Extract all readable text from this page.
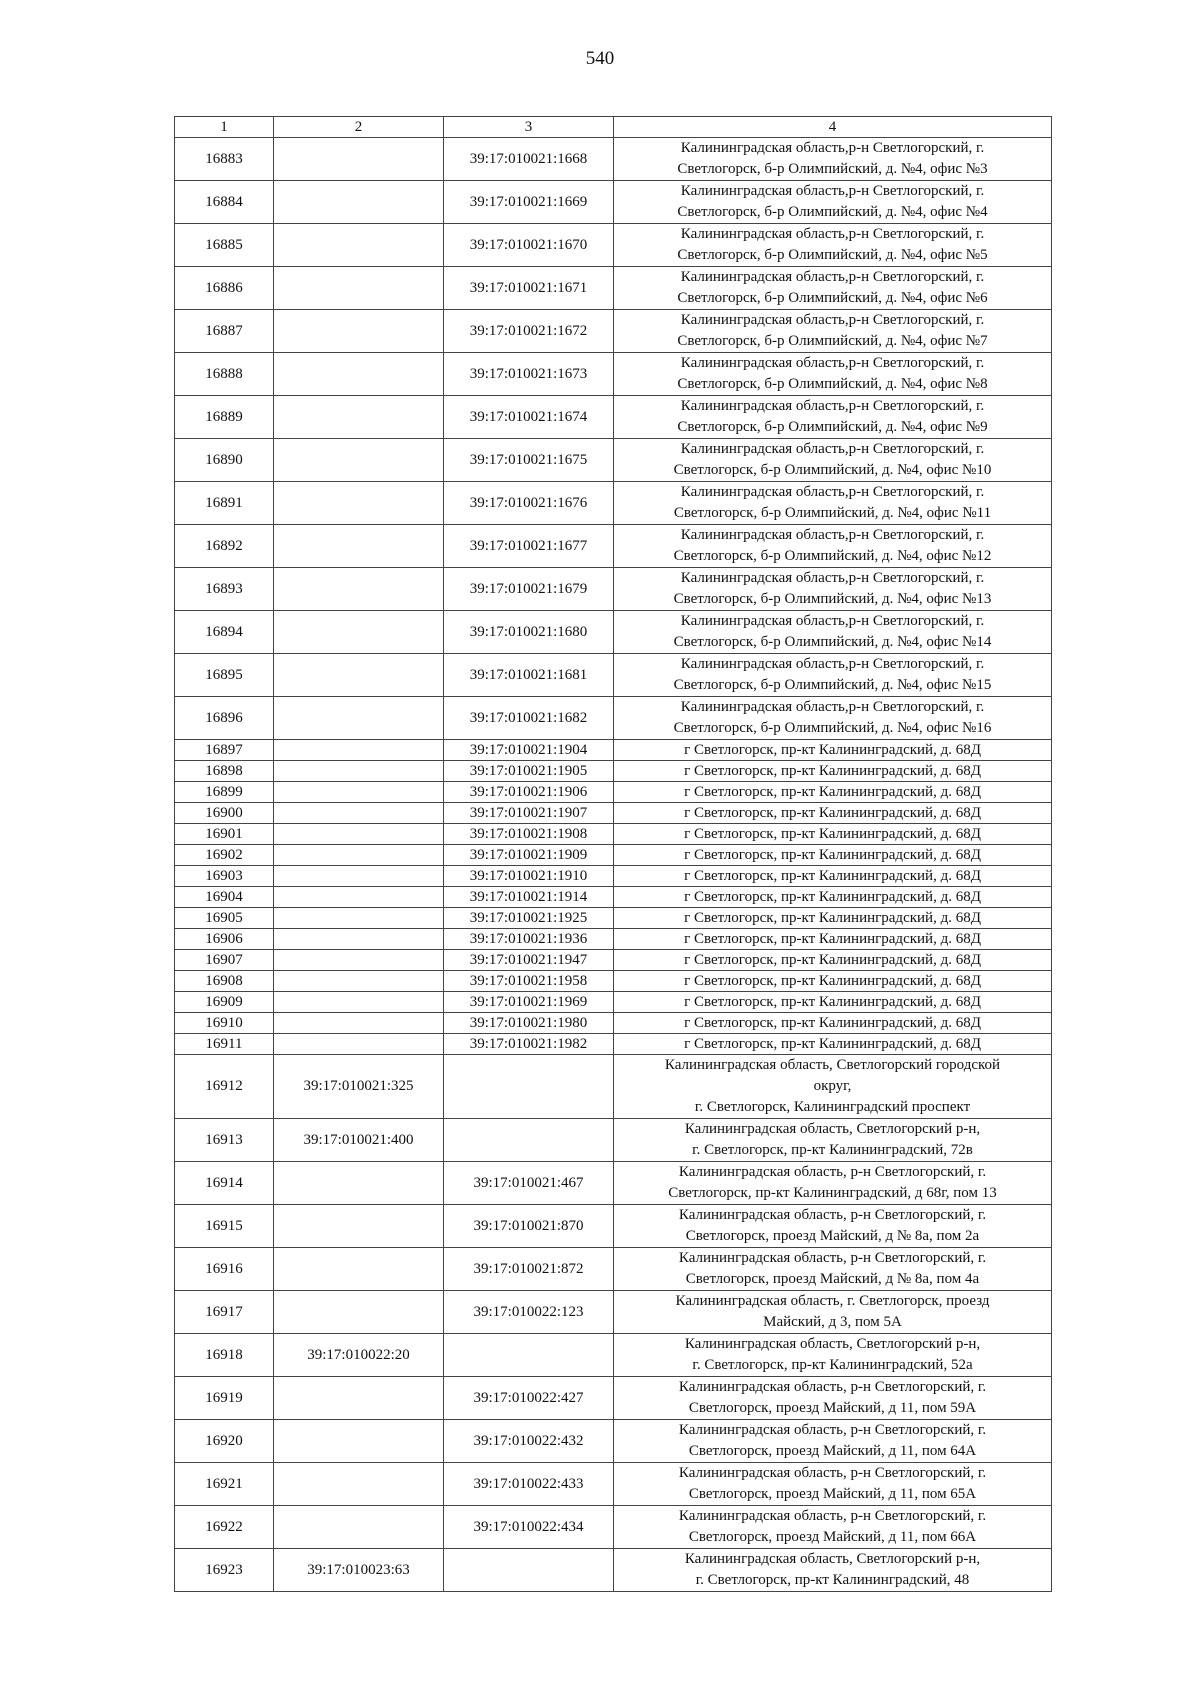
540
1	2	3	4
16883		39:17:010021:1668	Калининградская область,р-н Светлогорский, г.
Светлогорск, б-р Олимпийский, д. №4, офис №3
16884		39:17:010021:1669	Калининградская область,р-н Светлогорский, г.
Светлогорск, б-р Олимпийский, д. №4, офис №4
16885		39:17:010021:1670	Калининградская область,р-н Светлогорский, г.
Светлогорск, б-р Олимпийский, д. №4, офис №5
16886		39:17:010021:1671	Калининградская область,р-н Светлогорский, г.
Светлогорск, б-р Олимпийский, д. №4, офис №6
16887		39:17:010021:1672	Калининградская область,р-н Светлогорский, г.
Светлогорск, б-р Олимпийский, д. №4, офис №7
16888		39:17:010021:1673	Калининградская область,р-н Светлогорский, г.
Светлогорск, б-р Олимпийский, д. №4, офис №8
16889		39:17:010021:1674	Калининградская область,р-н Светлогорский, г.
Светлогорск, б-р Олимпийский, д. №4, офис №9
16890		39:17:010021:1675	Калининградская область,р-н Светлогорский, г.
Светлогорск, б-р Олимпийский, д. №4, офис №10
16891		39:17:010021:1676	Калининградская область,р-н Светлогорский, г.
Светлогорск, б-р Олимпийский, д. №4, офис №11
16892		39:17:010021:1677	Калининградская область,р-н Светлогорский, г.
Светлогорск, б-р Олимпийский, д. №4, офис №12
16893		39:17:010021:1679	Калининградская область,р-н Светлогорский, г.
Светлогорск, б-р Олимпийский, д. №4, офис №13
16894		39:17:010021:1680	Калининградская область,р-н Светлогорский, г.
Светлогорск, б-р Олимпийский, д. №4, офис №14
16895		39:17:010021:1681	Калининградская область,р-н Светлогорский, г.
Светлогорск, б-р Олимпийский, д. №4, офис №15
16896		39:17:010021:1682	Калининградская область,р-н Светлогорский, г.
Светлогорск, б-р Олимпийский, д. №4, офис №16
16897		39:17:010021:1904	г Светлогорск, пр-кт Калининградский, д. 68Д
16898		39:17:010021:1905	г Светлогорск, пр-кт Калининградский, д. 68Д
16899		39:17:010021:1906	г Светлогорск, пр-кт Калининградский, д. 68Д
16900		39:17:010021:1907	г Светлогорск, пр-кт Калининградский, д. 68Д
16901		39:17:010021:1908	г Светлогорск, пр-кт Калининградский, д. 68Д
16902		39:17:010021:1909	г Светлогорск, пр-кт Калининградский, д. 68Д
16903		39:17:010021:1910	г Светлогорск, пр-кт Калининградский, д. 68Д
16904		39:17:010021:1914	г Светлогорск, пр-кт Калининградский, д. 68Д
16905		39:17:010021:1925	г Светлогорск, пр-кт Калининградский, д. 68Д
16906		39:17:010021:1936	г Светлогорск, пр-кт Калининградский, д. 68Д
16907		39:17:010021:1947	г Светлогорск, пр-кт Калининградский, д. 68Д
16908		39:17:010021:1958	г Светлогорск, пр-кт Калининградский, д. 68Д
16909		39:17:010021:1969	г Светлогорск, пр-кт Калининградский, д. 68Д
16910		39:17:010021:1980	г Светлогорск, пр-кт Калининградский, д. 68Д
16911		39:17:010021:1982	г Светлогорск, пр-кт Калининградский, д. 68Д
16912	39:17:010021:325		Калининградская область, Светлогорский городской
округ,
г. Светлогорск, Калининградский проспект
16913	39:17:010021:400		Калининградская область, Светлогорский р-н,
г. Светлогорск, пр-кт Калининградский, 72в
16914		39:17:010021:467	Калининградская область, р-н Светлогорский, г.
Светлогорск, пр-кт Калининградский, д 68г, пом 13
16915		39:17:010021:870	Калининградская область, р-н Светлогорский, г.
Светлогорск, проезд Майский, д № 8а, пом 2а
16916		39:17:010021:872	Калининградская область, р-н Светлогорский, г.
Светлогорск, проезд Майский, д № 8а, пом 4а
16917		39:17:010022:123	Калининградская область, г. Светлогорск, проезд
Майский, д 3, пом 5А
16918	39:17:010022:20		Калининградская область, Светлогорский р-н,
г. Светлогорск, пр-кт Калининградский, 52а
16919		39:17:010022:427	Калининградская область, р-н Светлогорский, г.
Светлогорск, проезд Майский, д 11, пом 59А
16920		39:17:010022:432	Калининградская область, р-н Светлогорский, г.
Светлогорск, проезд Майский, д 11, пом 64А
16921		39:17:010022:433	Калининградская область, р-н Светлогорский, г.
Светлогорск, проезд Майский, д 11, пом 65А
16922		39:17:010022:434	Калининградская область, р-н Светлогорский, г.
Светлогорск, проезд Майский, д 11, пом 66А
16923	39:17:010023:63		Калининградская область, Светлогорский р-н,
г. Светлогорск, пр-кт Калининградский, 48
